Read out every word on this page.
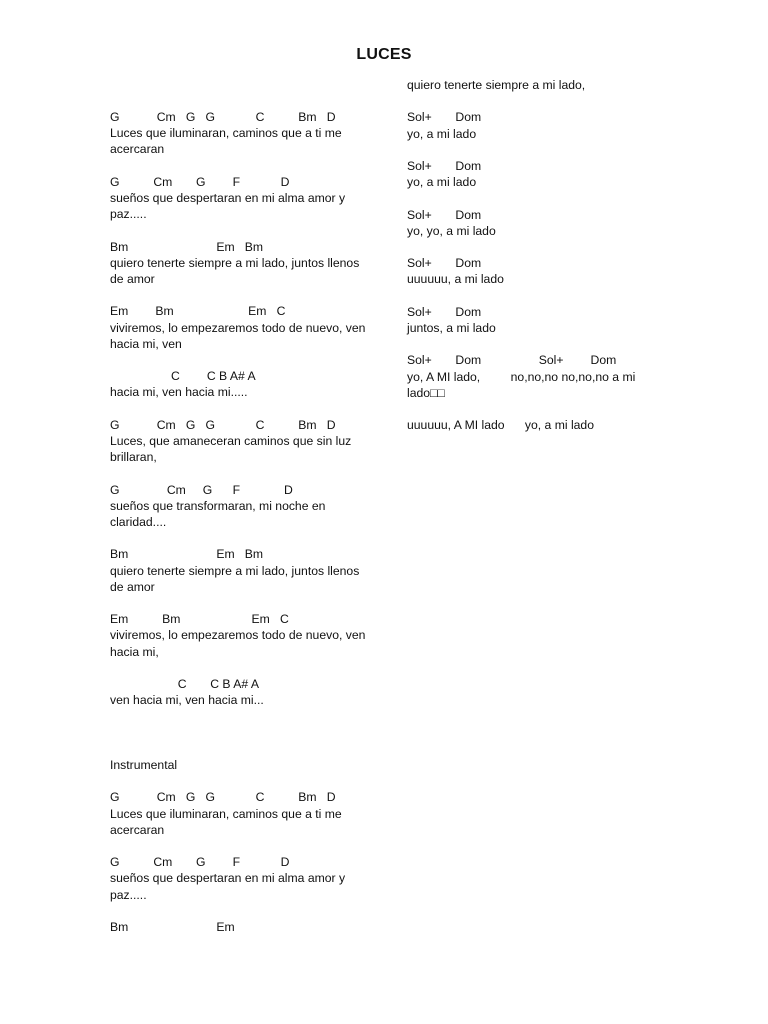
LUCES
G           Cm   G   G            C          Bm   D
Luces que iluminaran, caminos que a ti me acercaran
G          Cm       G        F            D
sueños que despertaran en mi alma amor y paz.....
Bm                          Em   Bm
quiero tenerte siempre a mi lado, juntos llenos de amor
Em        Bm                      Em   C
viviremos, lo empezaremos todo de nuevo, ven hacia mi, ven
C        C B A# A
hacia mi, ven hacia mi.....
G           Cm   G   G            C          Bm   D
Luces, que amaneceran caminos que sin luz brillaran,
G              Cm     G      F             D
sueños que transformaran, mi noche en claridad....
Bm                          Em   Bm
quiero tenerte siempre a mi lado, juntos llenos de amor
Em          Bm                     Em   C
viviremos, lo empezaremos todo de nuevo, ven hacia mi,
C       C B A# A
ven hacia mi, ven hacia mi...
Instrumental
G           Cm   G   G            C          Bm   D
Luces que iluminaran, caminos que a ti me acercaran
G          Cm       G        F            D
sueños que despertaran en mi alma amor y paz.....
Bm                          Em
quiero tenerte siempre a mi lado,
Sol+       Dom
yo, a mi lado
Sol+       Dom
yo, a mi lado
Sol+       Dom
yo, yo, a mi lado
Sol+       Dom
uuuuuu, a mi lado
Sol+       Dom
juntos, a mi lado
Sol+       Dom                 Sol+        Dom
yo, A MI lado,         no,no,no no,no,no a mi lado□□
uuuuuu, A MI lado      yo, a mi lado
